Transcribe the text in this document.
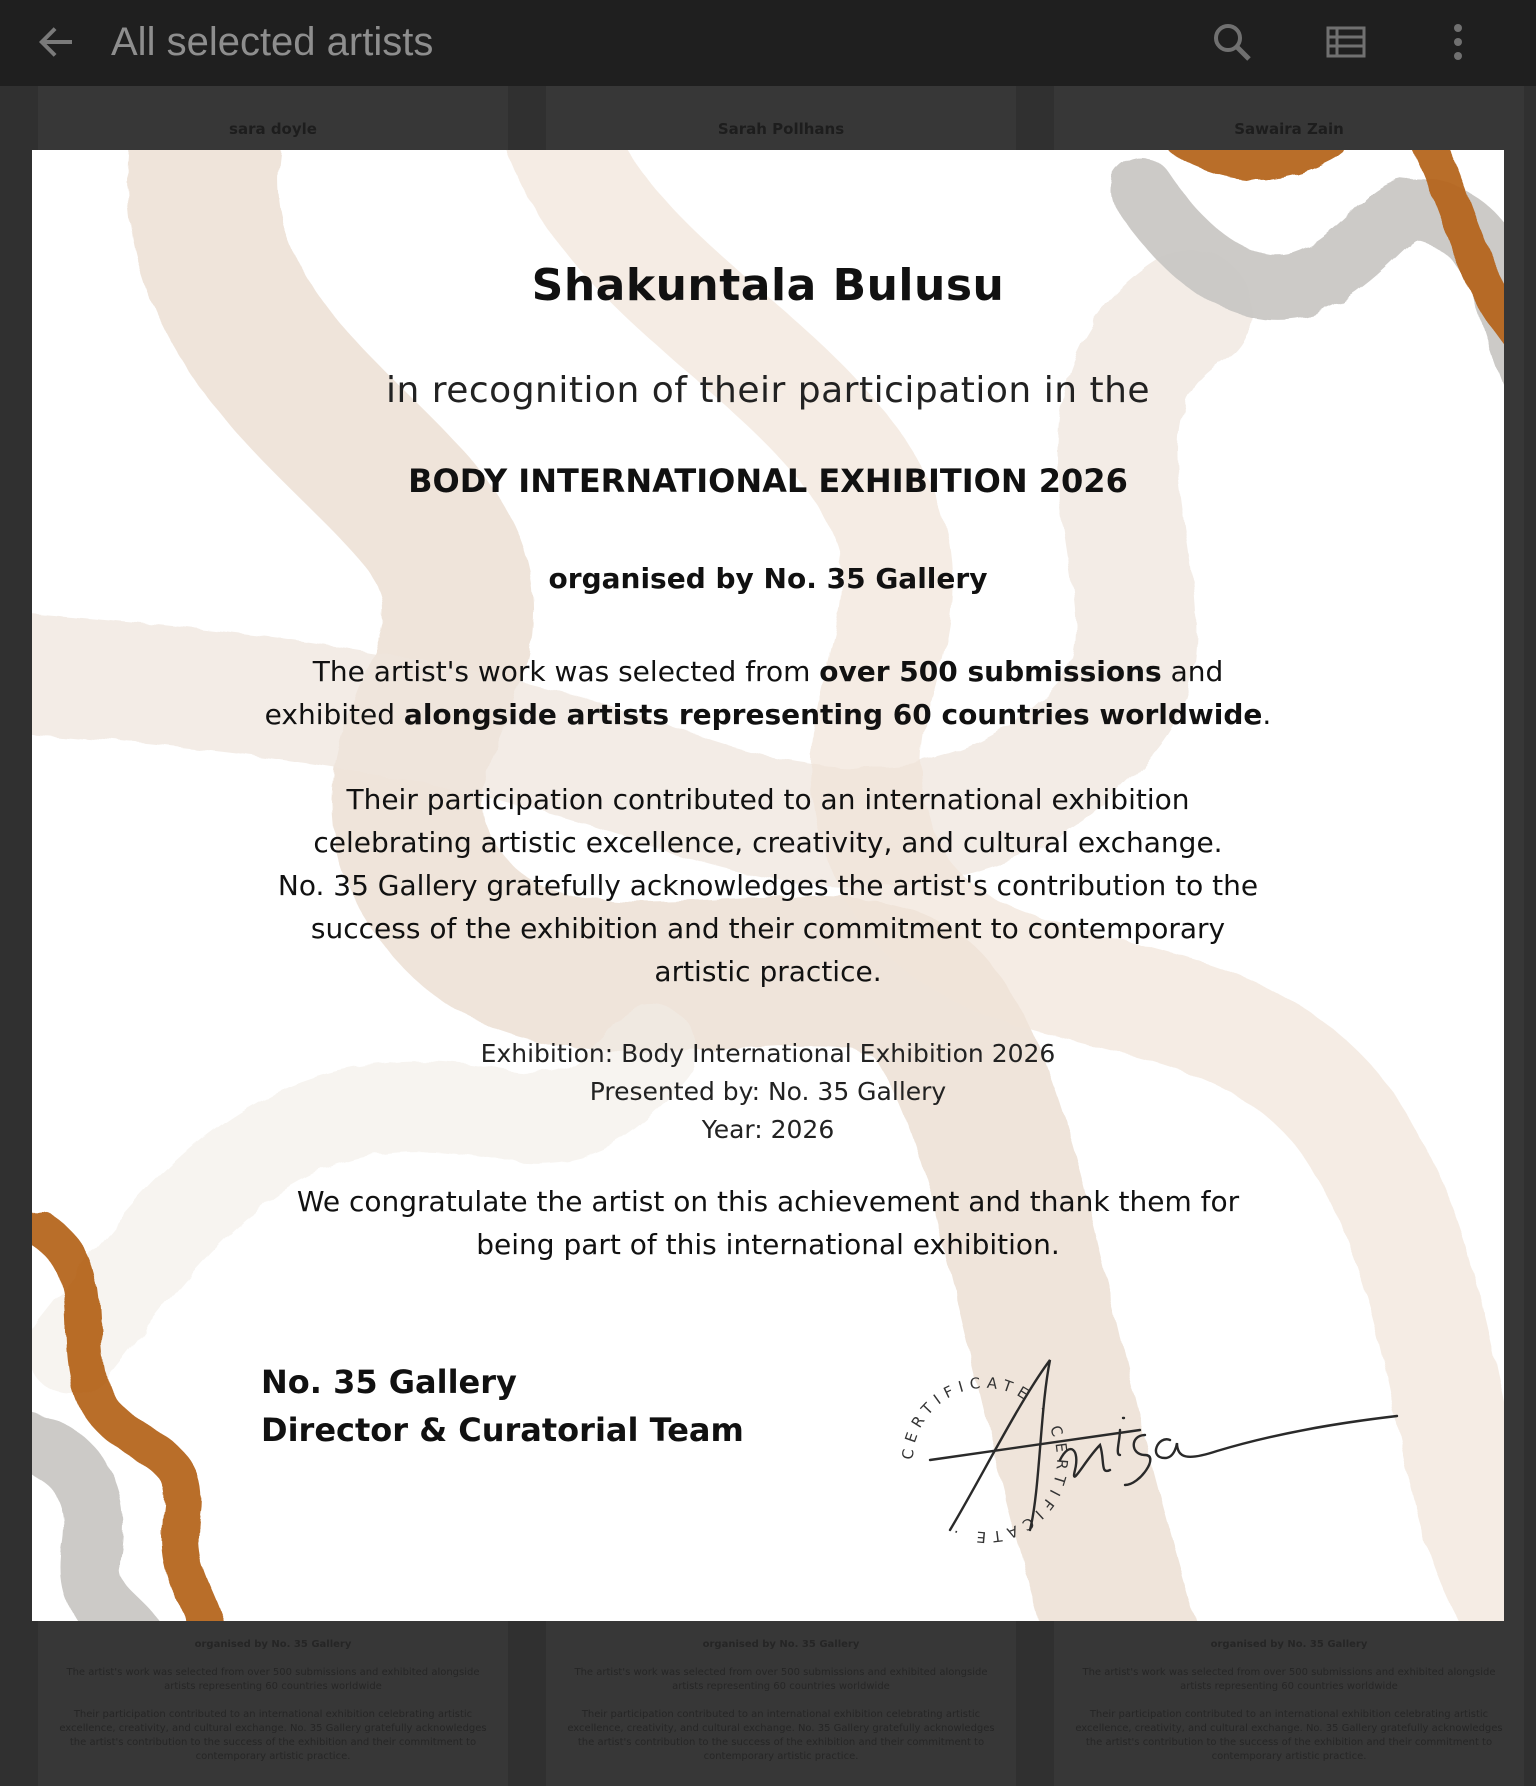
All selected artists
sara doyle
organised by No. 35 Gallery
The artist's work was selected from over 500 submissions and exhibited alongside artists representing 60 countries worldwide
Their participation contributed to an international exhibition celebrating artistic excellence, creativity, and cultural exchange. No. 35 Gallery gratefully acknowledges the artist's contribution to the success of the exhibition and their commitment to contemporary artistic practice.
Sarah Pollhans
organised by No. 35 Gallery
The artist's work was selected from over 500 submissions and exhibited alongside artists representing 60 countries worldwide
Their participation contributed to an international exhibition celebrating artistic excellence, creativity, and cultural exchange. No. 35 Gallery gratefully acknowledges the artist's contribution to the success of the exhibition and their commitment to contemporary artistic practice.
Sawaira Zain
organised by No. 35 Gallery
The artist's work was selected from over 500 submissions and exhibited alongside artists representing 60 countries worldwide
Their participation contributed to an international exhibition celebrating artistic excellence, creativity, and cultural exchange. No. 35 Gallery gratefully acknowledges the artist's contribution to the success of the exhibition and their commitment to contemporary artistic practice.
Shakuntala Bulusu
in recognition of their participation in the
BODY INTERNATIONAL EXHIBITION 2026
organised by No. 35 Gallery
The artist's work was selected from over 500 submissions and
exhibited alongside artists representing 60 countries worldwide.
Their participation contributed to an international exhibition
celebrating artistic excellence, creativity, and cultural exchange.
No. 35 Gallery gratefully acknowledges the artist's contribution to the
success of the exhibition and their commitment to contemporary
artistic practice.
Exhibition: Body International Exhibition 2026
Presented by: No. 35 Gallery
Year: 2026
We congratulate the artist on this achievement and thank them for
being part of this international exhibition.
No. 35 Gallery
Director & Curatorial Team
CERTIFICATE · CERTIFICATE ·
